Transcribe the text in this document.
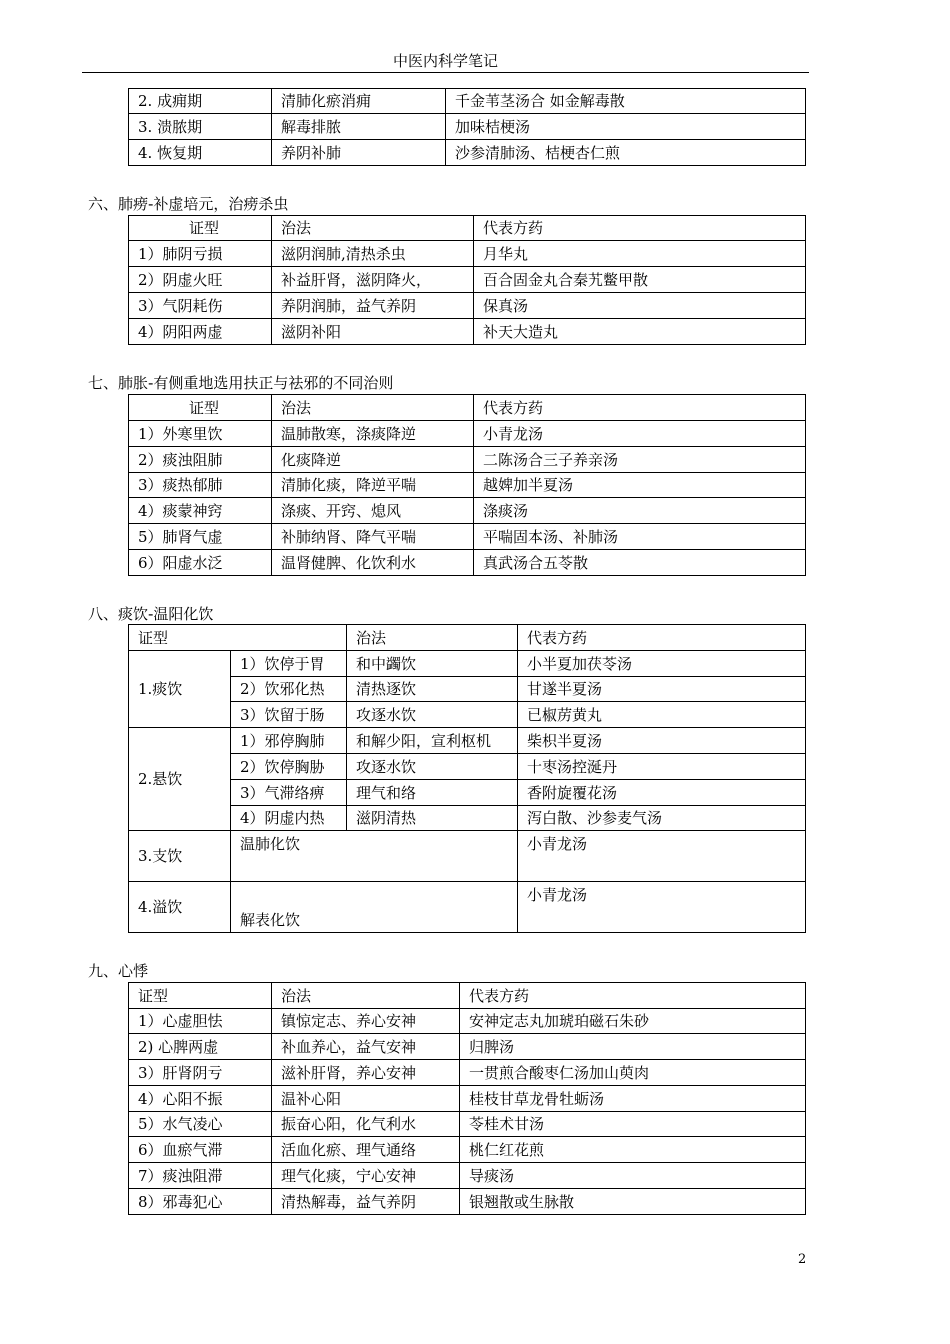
中医内科学笔记
2. 成痈期	清肺化瘀消痈	千金苇茎汤合 如金解毒散
3. 溃脓期	解毒排脓	加味桔梗汤
4. 恢复期	养阴补肺	沙参清肺汤、桔梗杏仁煎
六、肺痨-补虚培元，治痨杀虫
证型	治法	代表方药
1）肺阴亏损	滋阴润肺,清热杀虫	月华丸
2）阴虚火旺	补益肝肾，滋阴降火，	百合固金丸合秦艽鳖甲散
3）气阴耗伤	养阴润肺，益气养阴	保真汤
4）阴阳两虚	滋阴补阳	补天大造丸
七、肺胀-有侧重地选用扶正与祛邪的不同治则
证型	治法	代表方药
1）外寒里饮	温肺散寒，涤痰降逆	小青龙汤
2）痰浊阻肺	化痰降逆	二陈汤合三子养亲汤
3）痰热郁肺	清肺化痰，降逆平喘	越婢加半夏汤
4）痰蒙神窍	涤痰、开窍、熄风	涤痰汤
5）肺肾气虚	补肺纳肾、降气平喘	平喘固本汤、补肺汤
6）阳虚水泛	温肾健脾、化饮利水	真武汤合五苓散
八、痰饮-温阳化饮
证型		治法	代表方药
1.痰饮	1）饮停于胃	和中蠲饮	小半夏加茯苓汤
	2）饮邪化热	清热逐饮	甘遂半夏汤
	3）饮留于肠	攻逐水饮	已椒苈黄丸
2.悬饮	1）邪停胸肺	和解少阳，宣利枢机	柴枳半夏汤
	2）饮停胸胁	攻逐水饮	十枣汤控涎丹
	3）气滞络痹	理气和络	香附旋覆花汤
	4）阴虚内热	滋阴清热	泻白散、沙参麦气汤
3.支饮	温肺化饮		小青龙汤
4.溢饮	解表化饮		小青龙汤
九、心悸
证型	治法	代表方药
1）心虚胆怯	镇惊定志、养心安神	安神定志丸加琥珀磁石朱砂
2) 心脾两虚	补血养心，益气安神	归脾汤
3）肝肾阴亏	滋补肝肾，养心安神	一贯煎合酸枣仁汤加山萸肉
4）心阳不振	温补心阳	桂枝甘草龙骨牡蛎汤
5）水气凌心	振奋心阳，化气利水	苓桂术甘汤
6）血瘀气滞	活血化瘀、理气通络	桃仁红花煎
7）痰浊阻滞	理气化痰，宁心安神	导痰汤
8）邪毒犯心	清热解毒，益气养阴	银翘散或生脉散
2
